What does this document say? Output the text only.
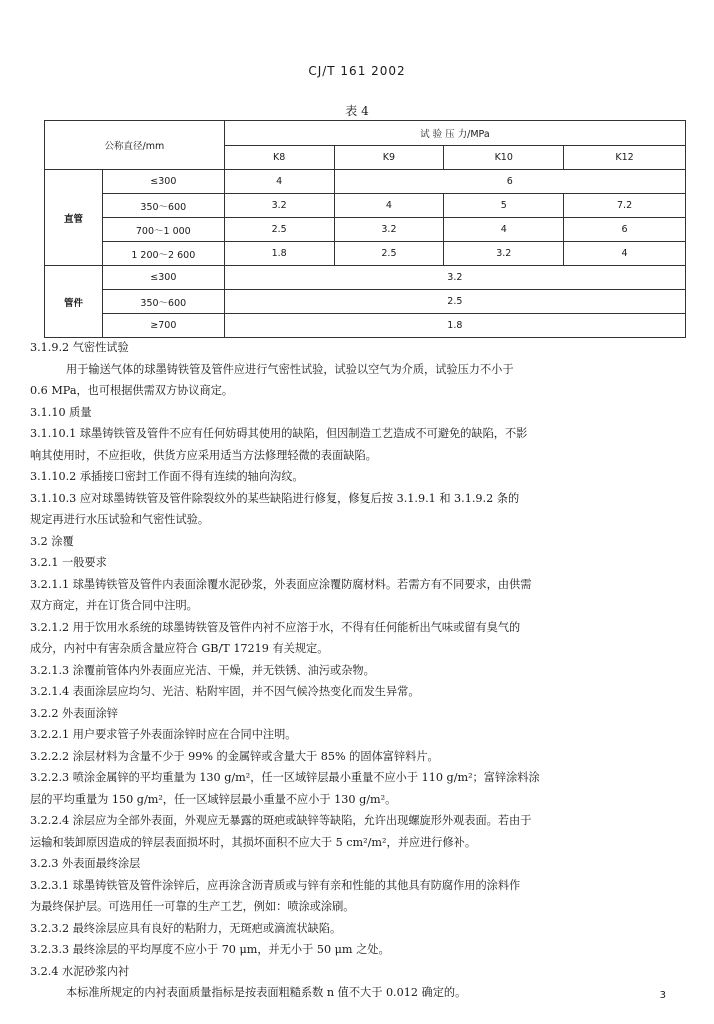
CJ/T 161 2002
表 4
公称直径/mm		试 验 压 力/MPa			
		K8	K9	K10	K12
直管	≤300	4	6		
	350～600	3.2	4	5	7.2
	700～1 000	2.5	3.2	4	6
	1 200～2 600	1.8	2.5	3.2	4
管件	≤300	3.2			
	350～600	2.5			
	≥700	1.8			
3.1.9.2 气密性试验
用于输送气体的球墨铸铁管及管件应进行气密性试验，试验以空气为介质，试验压力不小于
0.6 MPa，也可根据供需双方协议商定。
3.1.10 质量
3.1.10.1 球墨铸铁管及管件不应有任何妨碍其使用的缺陷，但因制造工艺造成不可避免的缺陷，不影
响其使用时，不应拒收，供货方应采用适当方法修理轻微的表面缺陷。
3.1.10.2 承插接口密封工作面不得有连续的轴向沟纹。
3.1.10.3 应对球墨铸铁管及管件除裂纹外的某些缺陷进行修复，修复后按 3.1.9.1 和 3.1.9.2 条的
规定再进行水压试验和气密性试验。
3.2 涂覆
3.2.1 一般要求
3.2.1.1 球墨铸铁管及管件内表面涂覆水泥砂浆，外表面应涂覆防腐材料。若需方有不同要求，由供需
双方商定，并在订货合同中注明。
3.2.1.2 用于饮用水系统的球墨铸铁管及管件内衬不应溶于水，不得有任何能析出气味或留有臭气的
成分，内衬中有害杂质含量应符合 GB/T 17219 有关规定。
3.2.1.3 涂覆前管体内外表面应光洁、干燥，并无铁锈、油污或杂物。
3.2.1.4 表面涂层应均匀、光洁、粘附牢固，并不因气候冷热变化而发生异常。
3.2.2 外表面涂锌
3.2.2.1 用户要求管子外表面涂锌时应在合同中注明。
3.2.2.2 涂层材料为含量不少于 99% 的金属锌或含量大于 85% 的固体富锌料片。
3.2.2.3 喷涂金属锌的平均重量为 130 g/m²，任一区域锌层最小重量不应小于 110 g/m²；富锌涂料涂
层的平均重量为 150 g/m²，任一区域锌层最小重量不应小于 130 g/m²。
3.2.2.4 涂层应为全部外表面，外观应无暴露的斑疤或缺锌等缺陷，允许出现螺旋形外观表面。若由于
运输和装卸原因造成的锌层表面损坏时，其损坏面积不应大于 5 cm²/m²，并应进行修补。
3.2.3 外表面最终涂层
3.2.3.1 球墨铸铁管及管件涂锌后，应再涂含沥青质或与锌有亲和性能的其他具有防腐作用的涂料作
为最终保护层。可选用任一可靠的生产工艺，例如：喷涂或涂刷。
3.2.3.2 最终涂层应具有良好的粘附力，无斑疤或滴流状缺陷。
3.2.3.3 最终涂层的平均厚度不应小于 70 μm，并无小于 50 μm 之处。
3.2.4 水泥砂浆内衬
本标准所规定的内衬表面质量指标是按表面粗糙系数 n 值不大于 0.012 确定的。	3
